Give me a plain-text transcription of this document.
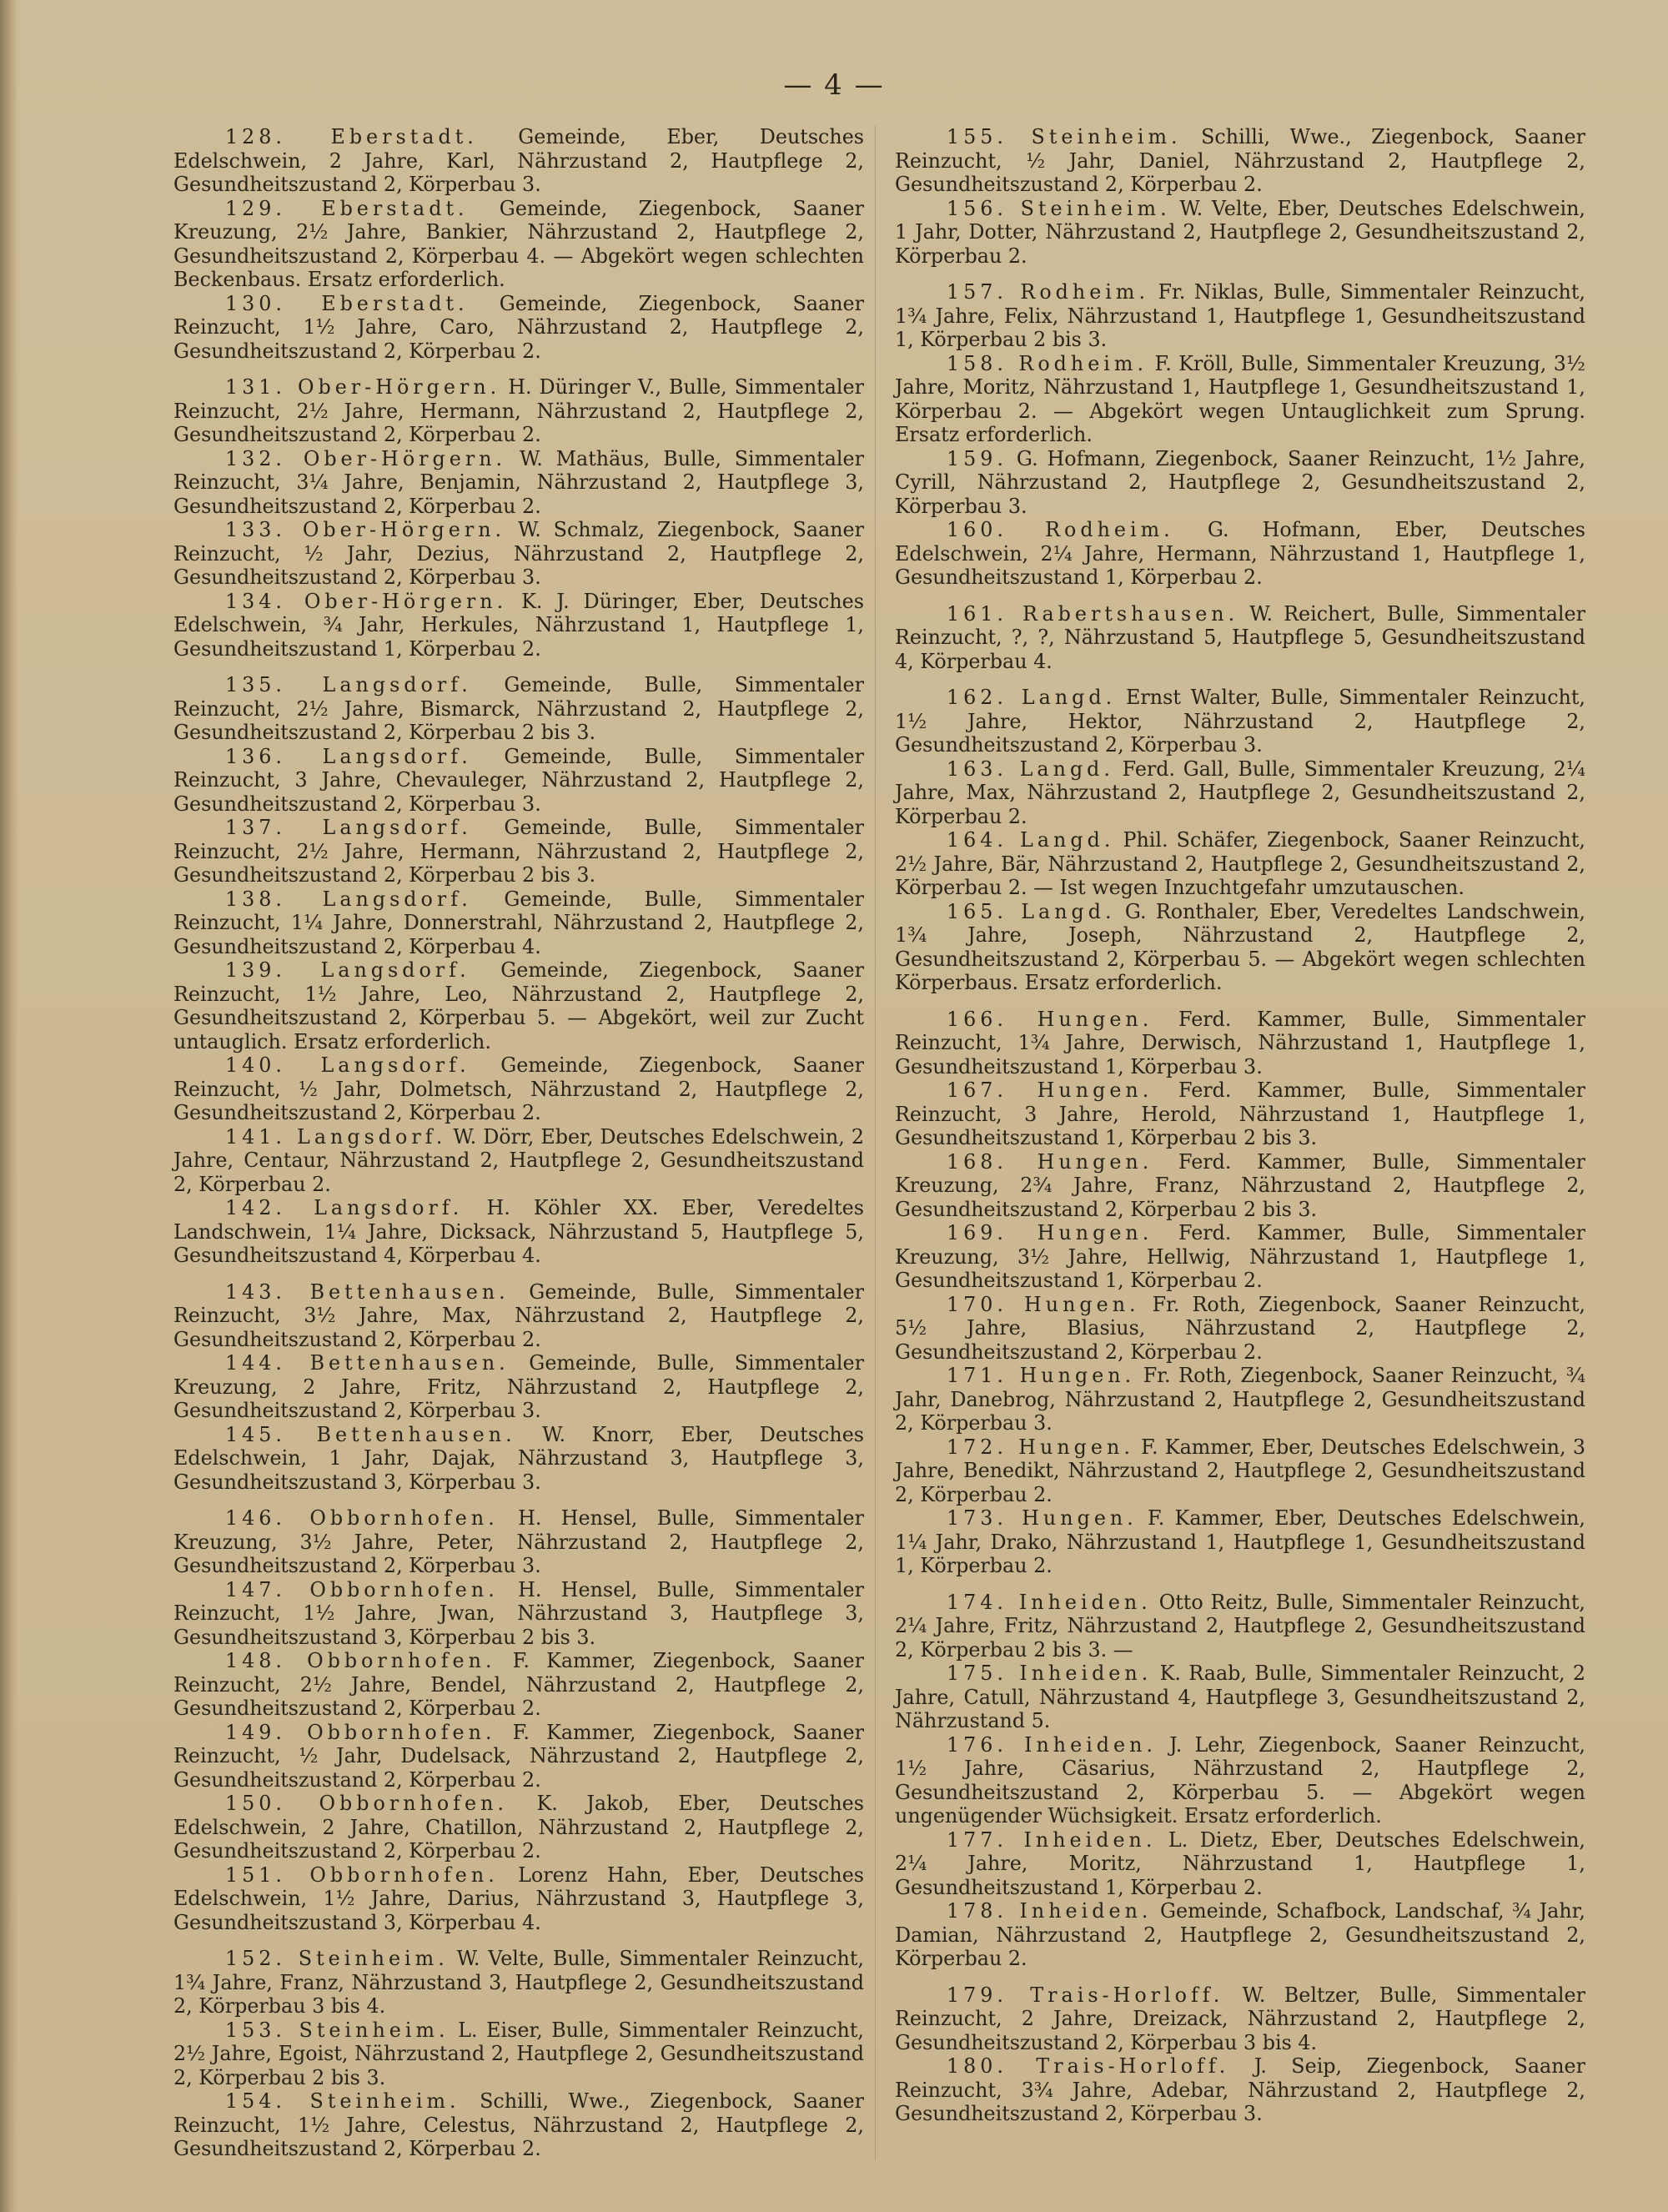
— 4 —

128. Eberstadt. Gemeinde, Eber, Deutsches Edelschwein, 2 Jahre, Karl, Nährzustand 2, Hautpflege 2, Gesundheitszustand 2, Körperbau 3.

129. Eberstadt. Gemeinde, Ziegenbock, Saaner Kreuzung, 2½ Jahre, Bankier, Nährzustand 2, Hautpflege 2, Gesundheitszustand 2, Körperbau 4. — Abgekört wegen schlechten Beckenbaus. Ersatz erforderlich.

130. Eberstadt. Gemeinde, Ziegenbock, Saaner Reinzucht, 1½ Jahre, Caro, Nährzustand 2, Hautpflege 2, Gesundheitszustand 2, Körperbau 2.

131. Ober-Hörgern. H. Düringer V., Bulle, Simmentaler Reinzucht, 2½ Jahre, Hermann, Nährzustand 2, Hautpflege 2, Gesundheitszustand 2, Körperbau 2.

132. Ober-Hörgern. W. Mathäus, Bulle, Simmentaler Reinzucht, 3¼ Jahre, Benjamin, Nährzustand 2, Hautpflege 3, Gesundheitszustand 2, Körperbau 2.

133. Ober-Hörgern. W. Schmalz, Ziegenbock, Saaner Reinzucht, ½ Jahr, Dezius, Nährzustand 2, Hautpflege 2, Gesundheitszustand 2, Körperbau 3.

134. Ober-Hörgern. K. J. Düringer, Eber, Deutsches Edelschwein, ¾ Jahr, Herkules, Nährzustand 1, Hautpflege 1, Gesundheitszustand 1, Körperbau 2.

135. Langsdorf. Gemeinde, Bulle, Simmentaler Reinzucht, 2½ Jahre, Bismarck, Nährzustand 2, Hautpflege 2, Gesundheitszustand 2, Körperbau 2 bis 3.

136. Langsdorf. Gemeinde, Bulle, Simmentaler Reinzucht, 3 Jahre, Chevauleger, Nährzustand 2, Hautpflege 2, Gesundheitszustand 2, Körperbau 3.

137. Langsdorf. Gemeinde, Bulle, Simmentaler Reinzucht, 2½ Jahre, Hermann, Nährzustand 2, Hautpflege 2, Gesundheitszustand 2, Körperbau 2 bis 3.

138. Langsdorf. Gemeinde, Bulle, Simmentaler Reinzucht, 1¼ Jahre, Donnerstrahl, Nährzustand 2, Hautpflege 2, Gesundheitszustand 2, Körperbau 4.

139. Langsdorf. Gemeinde, Ziegenbock, Saaner Reinzucht, 1½ Jahre, Leo, Nährzustand 2, Hautpflege 2, Gesundheitszustand 2, Körperbau 5. — Abgekört, weil zur Zucht untauglich. Ersatz erforderlich.

140. Langsdorf. Gemeinde, Ziegenbock, Saaner Reinzucht, ½ Jahr, Dolmetsch, Nährzustand 2, Hautpflege 2, Gesundheitszustand 2, Körperbau 2.

141. Langsdorf. W. Dörr, Eber, Deutsches Edelschwein, 2 Jahre, Centaur, Nährzustand 2, Hautpflege 2, Gesundheitszustand 2, Körperbau 2.

142. Langsdorf. H. Köhler XX. Eber, Veredeltes Landschwein, 1¼ Jahre, Dicksack, Nährzustand 5, Hautpflege 5, Gesundheitszustand 4, Körperbau 4.

143. Bettenhausen. Gemeinde, Bulle, Simmentaler Reinzucht, 3½ Jahre, Max, Nährzustand 2, Hautpflege 2, Gesundheitszustand 2, Körperbau 2.

144. Bettenhausen. Gemeinde, Bulle, Simmentaler Kreuzung, 2 Jahre, Fritz, Nährzustand 2, Hautpflege 2, Gesundheitszustand 2, Körperbau 3.

145. Bettenhausen. W. Knorr, Eber, Deutsches Edelschwein, 1 Jahr, Dajak, Nährzustand 3, Hautpflege 3, Gesundheitszustand 3, Körperbau 3.

146. Obbornhofen. H. Hensel, Bulle, Simmentaler Kreuzung, 3½ Jahre, Peter, Nährzustand 2, Hautpflege 2, Gesundheitszustand 2, Körperbau 3.

147. Obbornhofen. H. Hensel, Bulle, Simmentaler Reinzucht, 1½ Jahre, Jwan, Nährzustand 3, Hautpflege 3, Gesundheitszustand 3, Körperbau 2 bis 3.

148. Obbornhofen. F. Kammer, Ziegenbock, Saaner Reinzucht, 2½ Jahre, Bendel, Nährzustand 2, Hautpflege 2, Gesundheitszustand 2, Körperbau 2.

149. Obbornhofen. F. Kammer, Ziegenbock, Saaner Reinzucht, ½ Jahr, Dudelsack, Nährzustand 2, Hautpflege 2, Gesundheitszustand 2, Körperbau 2.

150. Obbornhofen. K. Jakob, Eber, Deutsches Edelschwein, 2 Jahre, Chatillon, Nährzustand 2, Hautpflege 2, Gesundheitszustand 2, Körperbau 2.

151. Obbornhofen. Lorenz Hahn, Eber, Deutsches Edelschwein, 1½ Jahre, Darius, Nährzustand 3, Hautpflege 3, Gesundheitszustand 3, Körperbau 4.

152. Steinheim. W. Velte, Bulle, Simmentaler Reinzucht, 1¾ Jahre, Franz, Nährzustand 3, Hautpflege 2, Gesundheitszustand 2, Körperbau 3 bis 4.

153. Steinheim. L. Eiser, Bulle, Simmentaler Reinzucht, 2½ Jahre, Egoist, Nährzustand 2, Hautpflege 2, Gesundheitszustand 2, Körperbau 2 bis 3.

154. Steinheim. Schilli, Wwe., Ziegenbock, Saaner Reinzucht, 1½ Jahre, Celestus, Nährzustand 2, Hautpflege 2, Gesundheitszustand 2, Körperbau 2.

155. Steinheim. Schilli, Wwe., Ziegenbock, Saaner Reinzucht, ½ Jahr, Daniel, Nährzustand 2, Hautpflege 2, Gesundheitszustand 2, Körperbau 2.

156. Steinheim. W. Velte, Eber, Deutsches Edelschwein, 1 Jahr, Dotter, Nährzustand 2, Hautpflege 2, Gesundheitszustand 2, Körperbau 2.

157. Rodheim. Fr. Niklas, Bulle, Simmentaler Reinzucht, 1¾ Jahre, Felix, Nährzustand 1, Hautpflege 1, Gesundheitszustand 1, Körperbau 2 bis 3.

158. Rodheim. F. Kröll, Bulle, Simmentaler Kreuzung, 3½ Jahre, Moritz, Nährzustand 1, Hautpflege 1, Gesundheitszustand 1, Körperbau 2. — Abgekört wegen Untauglichkeit zum Sprung. Ersatz erforderlich.

159. G. Hofmann, Ziegenbock, Saaner Reinzucht, 1½ Jahre, Cyrill, Nährzustand 2, Hautpflege 2, Gesundheitszustand 2, Körperbau 3.

160. Rodheim. G. Hofmann, Eber, Deutsches Edelschwein, 2¼ Jahre, Hermann, Nährzustand 1, Hautpflege 1, Gesundheitszustand 1, Körperbau 2.

161. Rabertshausen. W. Reichert, Bulle, Simmentaler Reinzucht, ?, ?, Nährzustand 5, Hautpflege 5, Gesundheitszustand 4, Körperbau 4.

162. Langd. Ernst Walter, Bulle, Simmentaler Reinzucht, 1½ Jahre, Hektor, Nährzustand 2, Hautpflege 2, Gesundheitszustand 2, Körperbau 3.

163. Langd. Ferd. Gall, Bulle, Simmentaler Kreuzung, 2¼ Jahre, Max, Nährzustand 2, Hautpflege 2, Gesundheitszustand 2, Körperbau 2.

164. Langd. Phil. Schäfer, Ziegenbock, Saaner Reinzucht, 2½ Jahre, Bär, Nährzustand 2, Hautpflege 2, Gesundheitszustand 2, Körperbau 2. — Ist wegen Inzuchtgefahr umzutauschen.

165. Langd. G. Ronthaler, Eber, Veredeltes Landschwein, 1¾ Jahre, Joseph, Nährzustand 2, Hautpflege 2, Gesundheitszustand 2, Körperbau 5. — Abgekört wegen schlechten Körperbaus. Ersatz erforderlich.

166. Hungen. Ferd. Kammer, Bulle, Simmentaler Reinzucht, 1¾ Jahre, Derwisch, Nährzustand 1, Hautpflege 1, Gesundheitszustand 1, Körperbau 3.

167. Hungen. Ferd. Kammer, Bulle, Simmentaler Reinzucht, 3 Jahre, Herold, Nährzustand 1, Hautpflege 1, Gesundheitszustand 1, Körperbau 2 bis 3.

168. Hungen. Ferd. Kammer, Bulle, Simmentaler Kreuzung, 2¾ Jahre, Franz, Nährzustand 2, Hautpflege 2, Gesundheitszustand 2, Körperbau 2 bis 3.

169. Hungen. Ferd. Kammer, Bulle, Simmentaler Kreuzung, 3½ Jahre, Hellwig, Nährzustand 1, Hautpflege 1, Gesundheitszustand 1, Körperbau 2.

170. Hungen. Fr. Roth, Ziegenbock, Saaner Reinzucht, 5½ Jahre, Blasius, Nährzustand 2, Hautpflege 2, Gesundheitszustand 2, Körperbau 2.

171. Hungen. Fr. Roth, Ziegenbock, Saaner Reinzucht, ¾ Jahr, Danebrog, Nährzustand 2, Hautpflege 2, Gesundheitszustand 2, Körperbau 3.

172. Hungen. F. Kammer, Eber, Deutsches Edelschwein, 3 Jahre, Benedikt, Nährzustand 2, Hautpflege 2, Gesundheitszustand 2, Körperbau 2.

173. Hungen. F. Kammer, Eber, Deutsches Edelschwein, 1¼ Jahr, Drako, Nährzustand 1, Hautpflege 1, Gesundheitszustand 1, Körperbau 2.

174. Inheiden. Otto Reitz, Bulle, Simmentaler Reinzucht, 2¼ Jahre, Fritz, Nährzustand 2, Hautpflege 2, Gesundheitszustand 2, Körperbau 2 bis 3. —

175. Inheiden. K. Raab, Bulle, Simmentaler Reinzucht, 2 Jahre, Catull, Nährzustand 4, Hautpflege 3, Gesundheitszustand 2, Nährzustand 5.

176. Inheiden. J. Lehr, Ziegenbock, Saaner Reinzucht, 1½ Jahre, Cäsarius, Nährzustand 2, Hautpflege 2, Gesundheitszustand 2, Körperbau 5. — Abgekört wegen ungenügender Wüchsigkeit. Ersatz erforderlich.

177. Inheiden. L. Dietz, Eber, Deutsches Edelschwein, 2¼ Jahre, Moritz, Nährzustand 1, Hautpflege 1, Gesundheitszustand 1, Körperbau 2.

178. Inheiden. Gemeinde, Schafbock, Landschaf, ¾ Jahr, Damian, Nährzustand 2, Hautpflege 2, Gesundheitszustand 2, Körperbau 2.

179. Trais-Horloff. W. Beltzer, Bulle, Simmentaler Reinzucht, 2 Jahre, Dreizack, Nährzustand 2, Hautpflege 2, Gesundheitszustand 2, Körperbau 3 bis 4.

180. Trais-Horloff. J. Seip, Ziegenbock, Saaner Reinzucht, 3¾ Jahre, Adebar, Nährzustand 2, Hautpflege 2, Gesundheitszustand 2, Körperbau 3.
